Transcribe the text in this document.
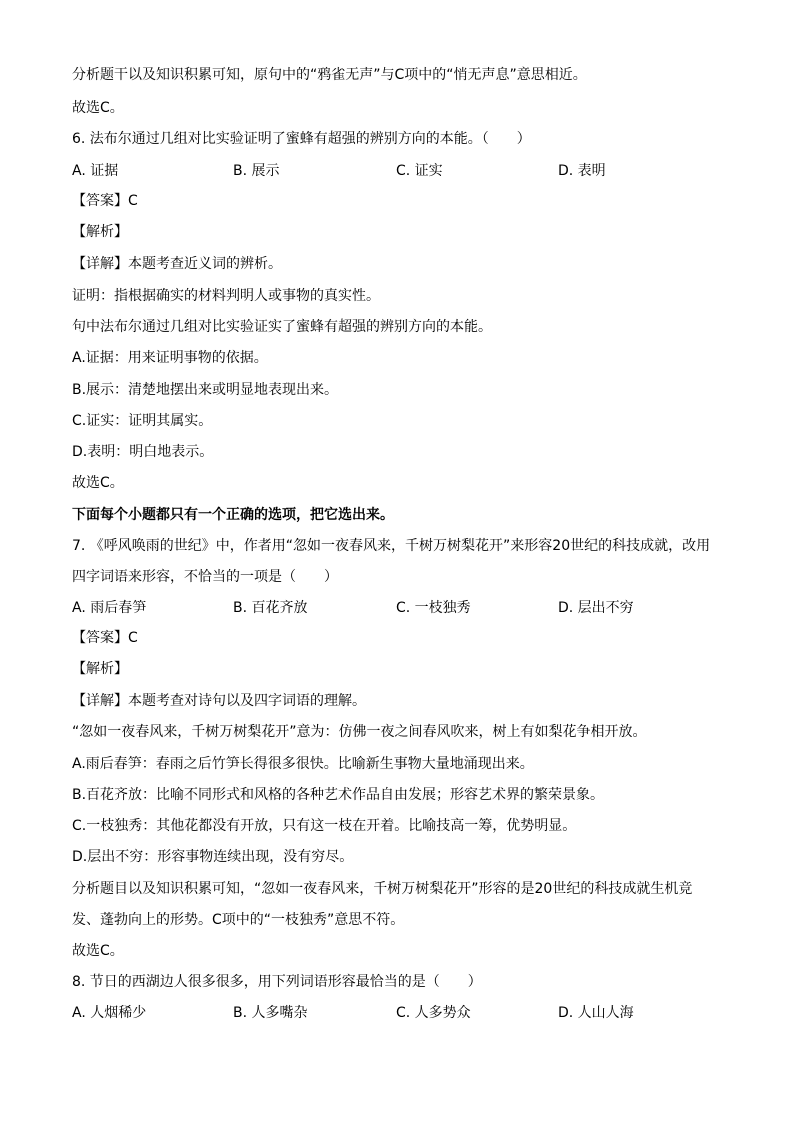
分析题干以及知识积累可知，原句中的“鸦雀无声”与C项中的“悄无声息”意思相近。
故选C。
6. 法布尔通过几组对比实验证明了蜜蜂有超强的辨别方向的本能。（　　）
A. 证据	B. 展示	C. 证实	D. 表明
【答案】C
【解析】
【详解】本题考查近义词的辨析。
证明：指根据确实的材料判明人或事物的真实性。
句中法布尔通过几组对比实验证实了蜜蜂有超强的辨别方向的本能。
A.证据：用来证明事物的依据。
B.展示：清楚地摆出来或明显地表现出来。
C.证实：证明其属实。
D.表明：明白地表示。
故选C。
下面每个小题都只有一个正确的选项，把它选出来。
7. 《呼风唤雨的世纪》中，作者用“忽如一夜春风来，千树万树梨花开”来形容20世纪的科技成就，改用
四字词语来形容，不恰当的一项是（　　）
A. 雨后春笋	B. 百花齐放	C. 一枝独秀	D. 层出不穷
【答案】C
【解析】
【详解】本题考查对诗句以及四字词语的理解。
“忽如一夜春风来，千树万树梨花开”意为：仿佛一夜之间春风吹来，树上有如梨花争相开放。
A.雨后春笋：春雨之后竹笋长得很多很快。比喻新生事物大量地涌现出来。
B.百花齐放：比喻不同形式和风格的各种艺术作品自由发展；形容艺术界的繁荣景象。
C.一枝独秀：其他花都没有开放，只有这一枝在开着。比喻技高一筹，优势明显。
D.层出不穷：形容事物连续出现，没有穷尽。
分析题目以及知识积累可知，“忽如一夜春风来，千树万树梨花开”形容的是20世纪的科技成就生机竞
发、蓬勃向上的形势。C项中的“一枝独秀”意思不符。
故选C。
8. 节日的西湖边人很多很多，用下列词语形容最恰当的是（　　）
A. 人烟稀少	B. 人多嘴杂	C. 人多势众	D. 人山人海
